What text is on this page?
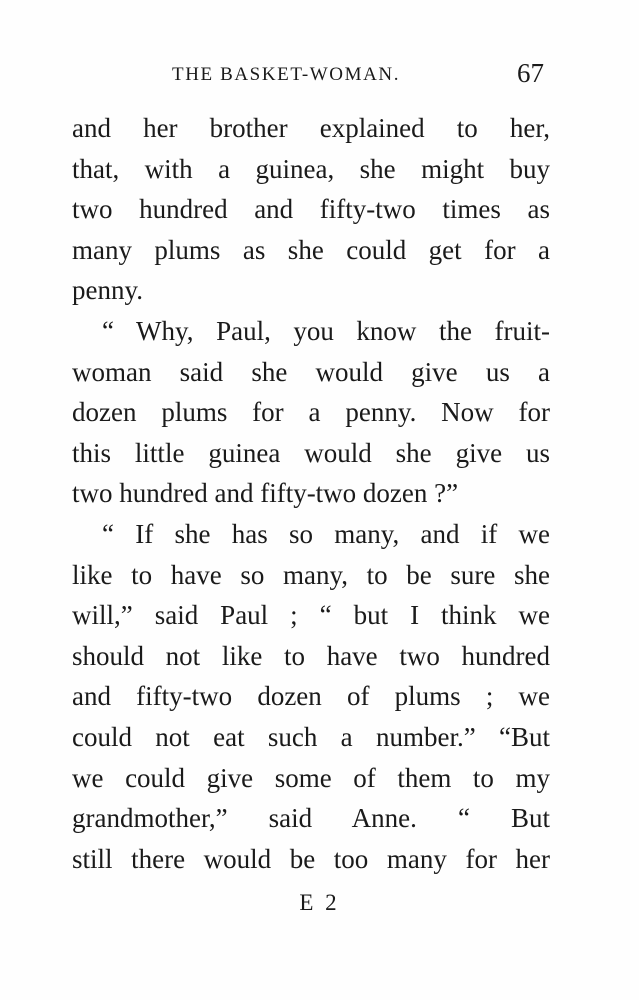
THE BASKET-WOMAN.	67
and her brother explained to her,
that, with a guinea, she might buy
two hundred and fifty-two times as
many plums as she could get for a
penny.
“ Why, Paul, you know the fruit-
woman said she would give us a
dozen plums for a penny. Now for
this little guinea would she give us
two hundred and fifty-two dozen ?”
“ If she has so many, and if we
like to have so many, to be sure she
will,” said Paul ; “ but I think we
should not like to have two hundred
and fifty-two dozen of plums ; we
could not eat such a number.” “But
we could give some of them to my
grandmother,” said Anne. “ But
still there would be too many for her
E 2
